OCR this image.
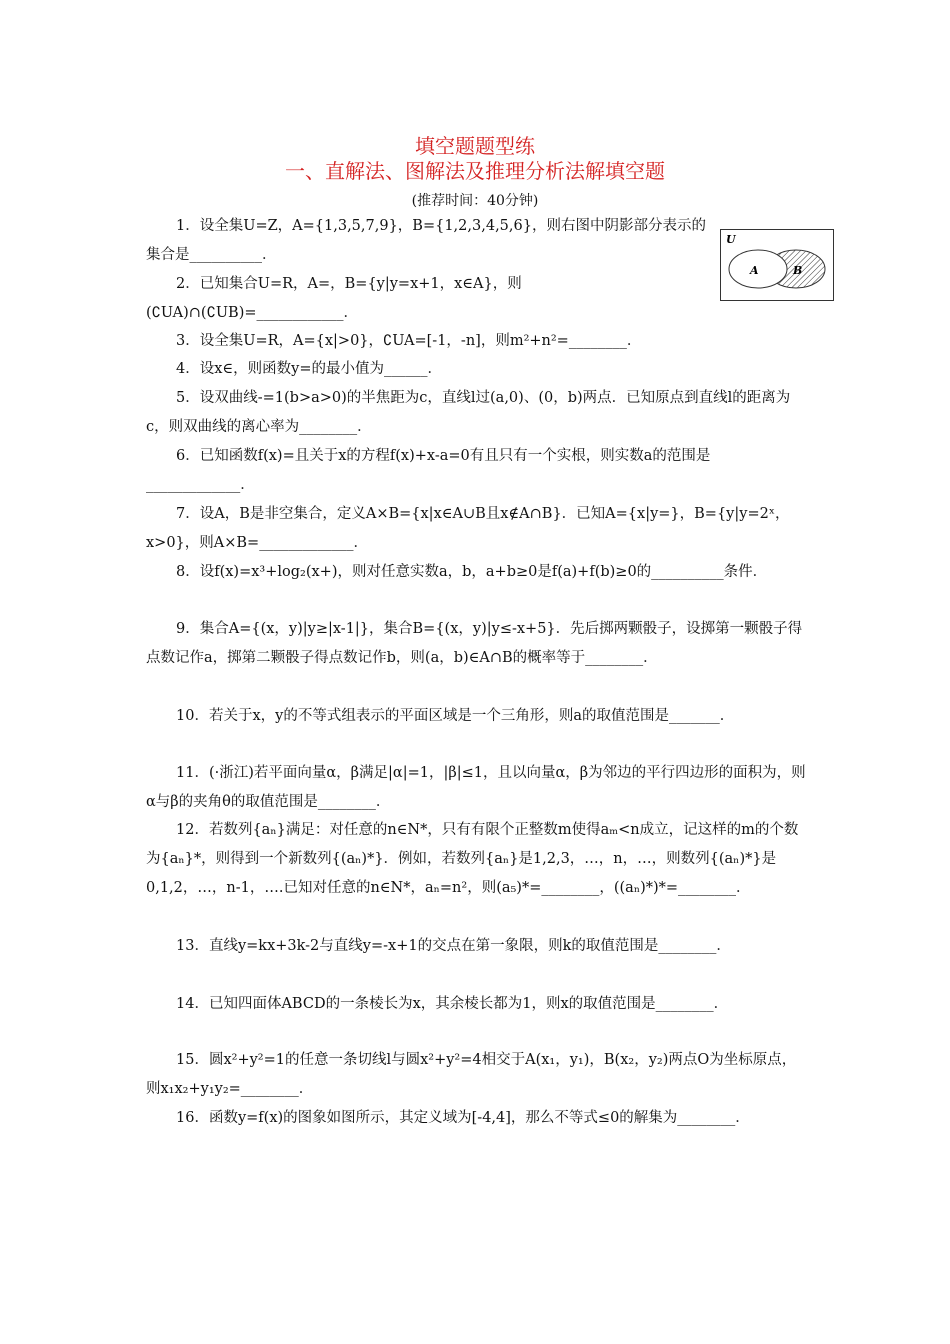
填空题题型练
一、直解法、图解法及推理分析法解填空题
(推荐时间：40分钟)
U
A	B
1．设全集U=Z，A={1,3,5,7,9}，B={1,2,3,4,5,6}，则右图中阴影部分表示的集合是__________．
2．已知集合U=R，A=，B={y|y=x+1，x∈A}，则(∁UA)∩(∁UB)=____________．
3．设全集U=R，A={x|>0}，∁UA=[-1，-n]，则m²+n²=________．
4．设x∈，则函数y=的最小值为______．
5．设双曲线-=1(b>a>0)的半焦距为c，直线l过(a,0)、(0，b)两点．已知原点到直线l的距离为c，则双曲线的离心率为________．
6．已知函数f(x)=且关于x的方程f(x)+x-a=0有且只有一个实根，则实数a的范围是_____________．
7．设A，B是非空集合，定义A×B={x|x∈A∪B且x∉A∩B}．已知A={x|y=}，B={y|y=2ˣ，x>0}，则A×B=_____________．
8．设f(x)=x³+log₂(x+)，则对任意实数a，b，a+b≥0是f(a)+f(b)≥0的__________条件．
9．集合A={(x，y)|y≥|x-1|}，集合B={(x，y)|y≤-x+5}．先后掷两颗骰子，设掷第一颗骰子得点数记作a，掷第二颗骰子得点数记作b，则(a，b)∈A∩B的概率等于________．
10．若关于x，y的不等式组表示的平面区域是一个三角形，则a的取值范围是_______．
11．(·浙江)若平面向量α，β满足|α|=1，|β|≤1，且以向量α，β为邻边的平行四边形的面积为，则α与β的夹角θ的取值范围是________．
12．若数列{aₙ}满足：对任意的n∈N*，只有有限个正整数m使得aₘ<n成立，记这样的m的个数为{aₙ}*，则得到一个新数列{(aₙ)*}．例如，若数列{aₙ}是1,2,3，…，n，…，则数列{(aₙ)*}是0,1,2，…，n-1，….已知对任意的n∈N*，aₙ=n²，则(a₅)*=________，((aₙ)*)*=________．
13．直线y=kx+3k-2与直线y=-x+1的交点在第一象限，则k的取值范围是________．
14．已知四面体ABCD的一条棱长为x，其余棱长都为1，则x的取值范围是________．
15．圆x²+y²=1的任意一条切线l与圆x²+y²=4相交于A(x₁，y₁)，B(x₂，y₂)两点O为坐标原点，则x₁x₂+y₁y₂=________．
16．函数y=f(x)的图象如图所示，其定义域为[-4,4]，那么不等式≤0的解集为________．
